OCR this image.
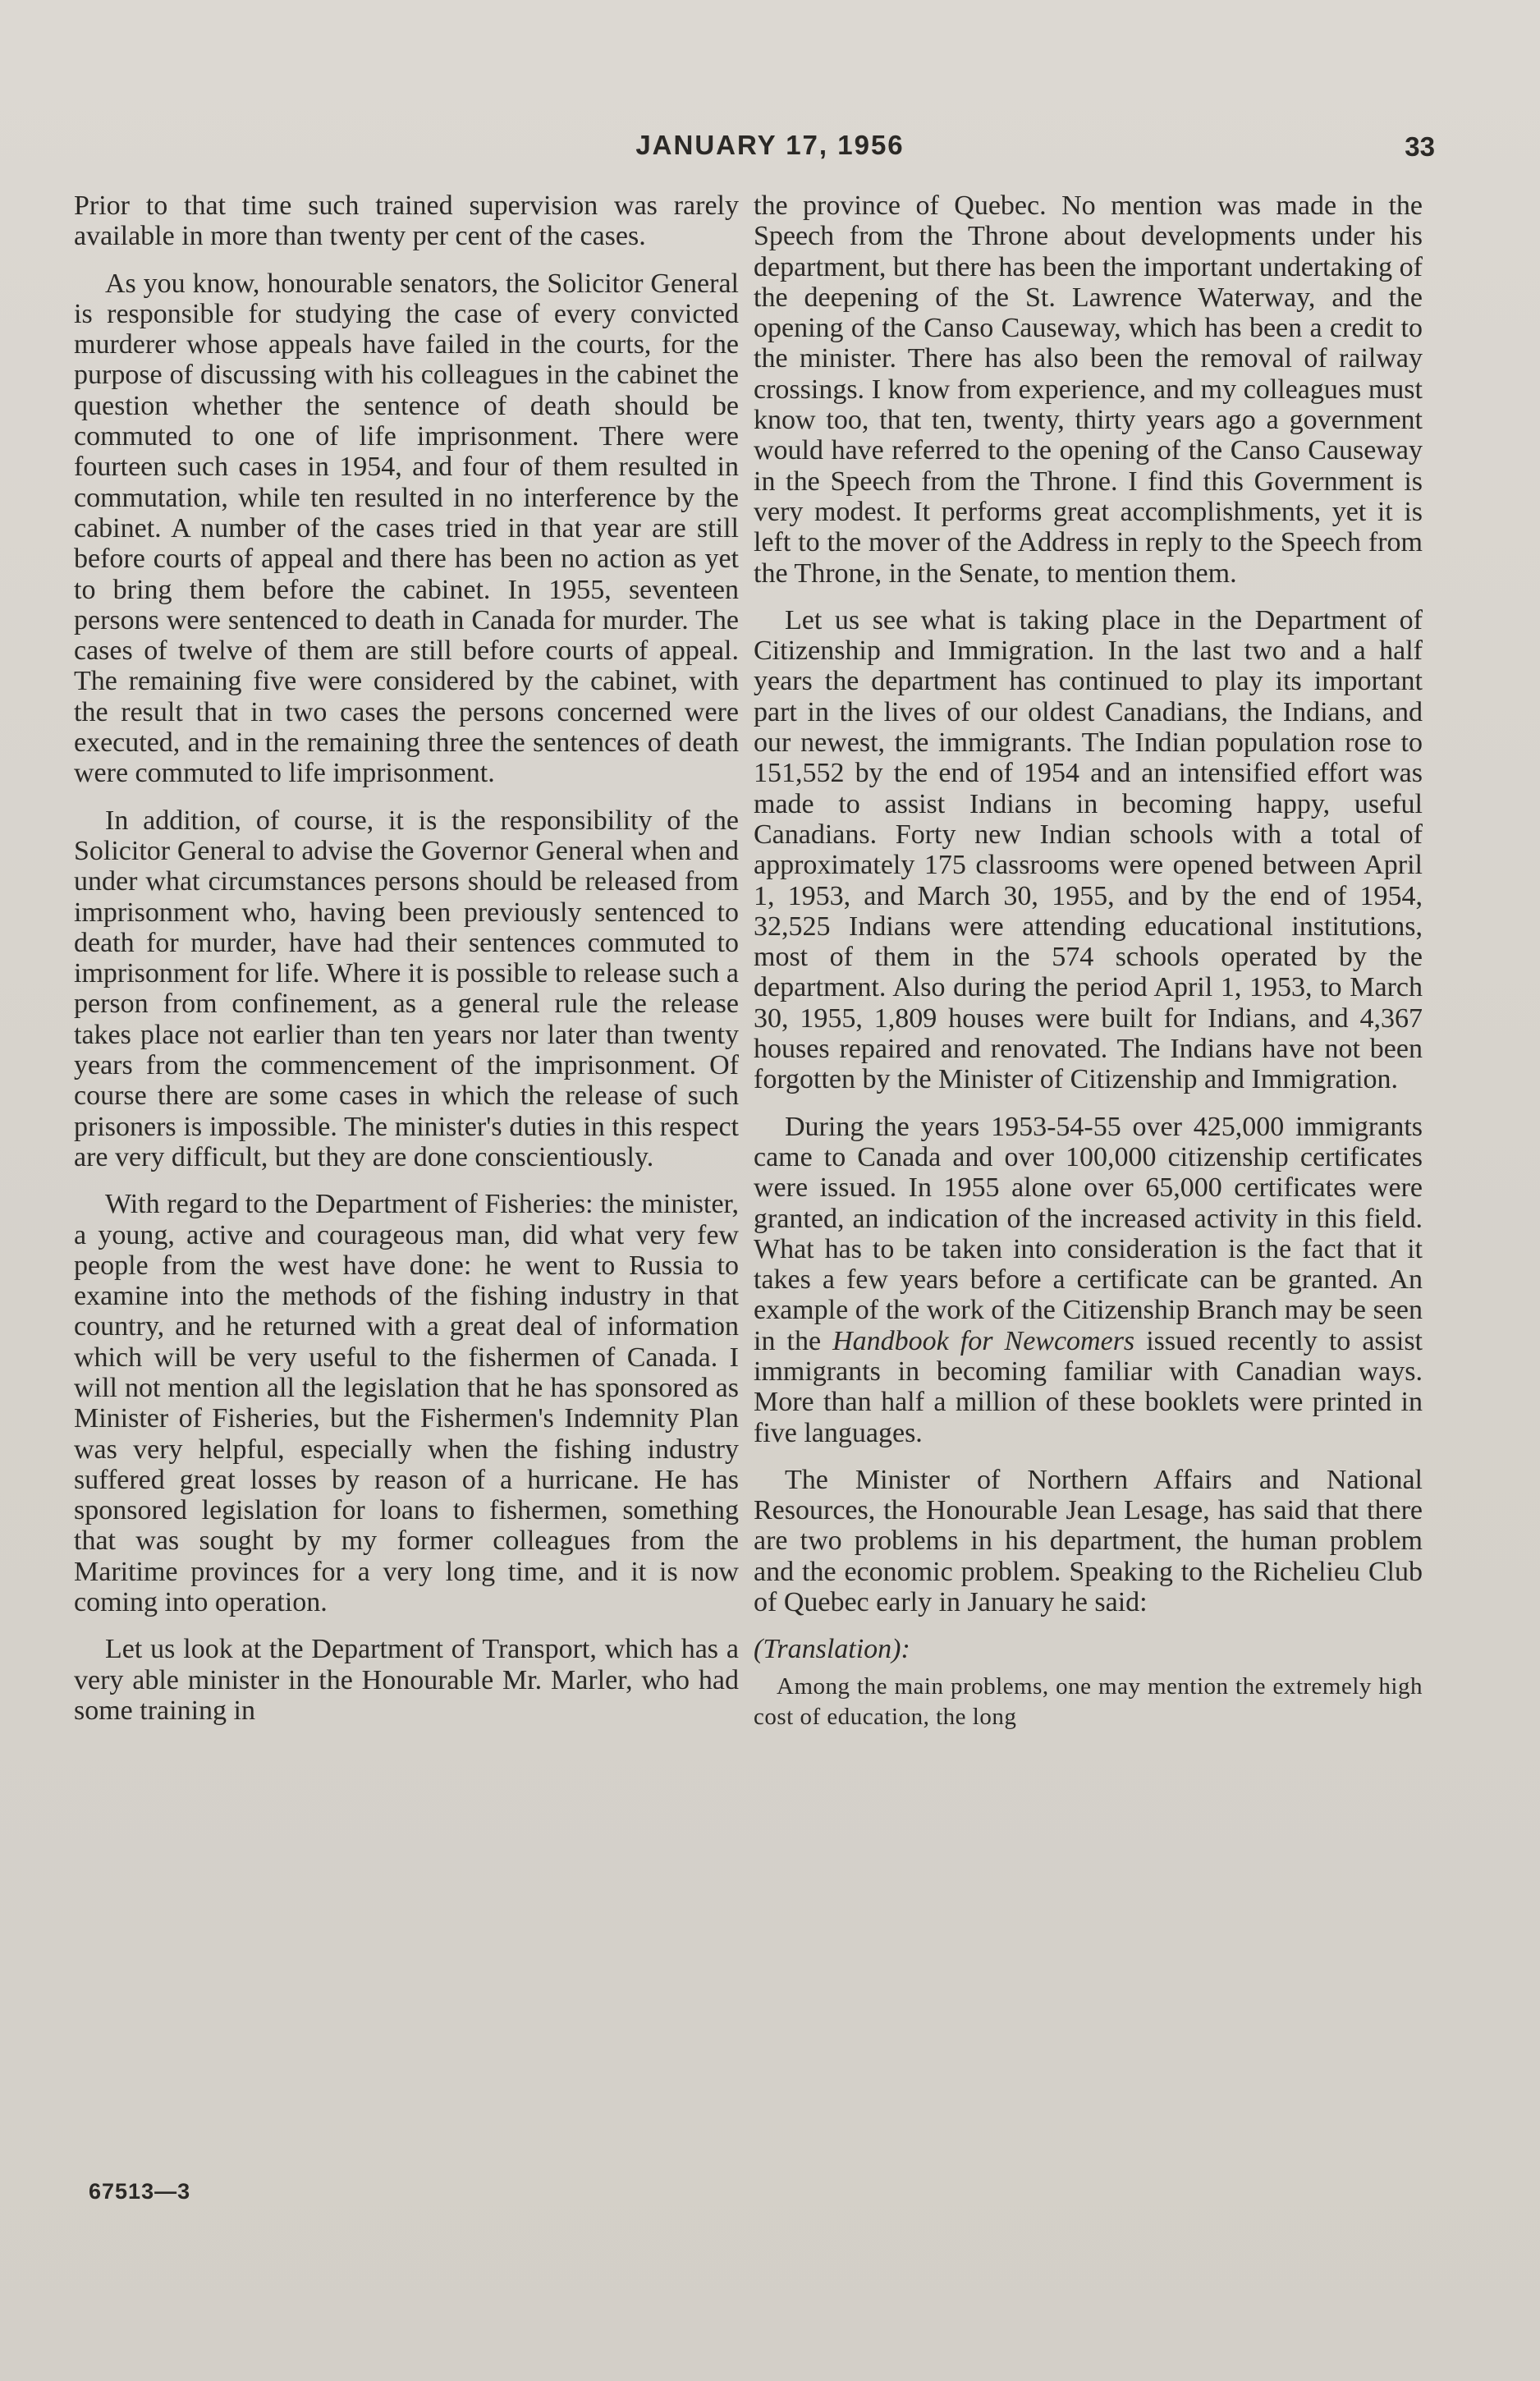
JANUARY 17, 1956	33

Prior to that time such trained supervision was rarely available in more than twenty per cent of the cases.

As you know, honourable senators, the Solicitor General is responsible for studying the case of every convicted murderer whose appeals have failed in the courts, for the purpose of discussing with his colleagues in the cabinet the question whether the sentence of death should be commuted to one of life imprisonment. There were fourteen such cases in 1954, and four of them resulted in commutation, while ten resulted in no interference by the cabinet. A number of the cases tried in that year are still before courts of appeal and there has been no action as yet to bring them before the cabinet. In 1955, seventeen persons were sentenced to death in Canada for murder. The cases of twelve of them are still before courts of appeal. The remaining five were considered by the cabinet, with the result that in two cases the persons concerned were executed, and in the remaining three the sentences of death were commuted to life imprisonment.

In addition, of course, it is the responsibility of the Solicitor General to advise the Governor General when and under what circumstances persons should be released from imprisonment who, having been previously sentenced to death for murder, have had their sentences commuted to imprisonment for life. Where it is possible to release such a person from confinement, as a general rule the release takes place not earlier than ten years nor later than twenty years from the commencement of the imprisonment. Of course there are some cases in which the release of such prisoners is impossible. The minister's duties in this respect are very difficult, but they are done conscientiously.

With regard to the Department of Fisheries: the minister, a young, active and courageous man, did what very few people from the west have done: he went to Russia to examine into the methods of the fishing industry in that country, and he returned with a great deal of information which will be very useful to the fishermen of Canada. I will not mention all the legislation that he has sponsored as Minister of Fisheries, but the Fishermen's Indemnity Plan was very helpful, especially when the fishing industry suffered great losses by reason of a hurricane. He has sponsored legislation for loans to fishermen, something that was sought by my former colleagues from the Maritime provinces for a very long time, and it is now coming into operation.

Let us look at the Department of Transport, which has a very able minister in the Honourable Mr. Marler, who had some training in

the province of Quebec. No mention was made in the Speech from the Throne about developments under his department, but there has been the important undertaking of the deepening of the St. Lawrence Waterway, and the opening of the Canso Causeway, which has been a credit to the minister. There has also been the removal of railway crossings. I know from experience, and my colleagues must know too, that ten, twenty, thirty years ago a government would have referred to the opening of the Canso Causeway in the Speech from the Throne. I find this Government is very modest. It performs great accomplishments, yet it is left to the mover of the Address in reply to the Speech from the Throne, in the Senate, to mention them.

Let us see what is taking place in the Department of Citizenship and Immigration. In the last two and a half years the department has continued to play its important part in the lives of our oldest Canadians, the Indians, and our newest, the immigrants. The Indian population rose to 151,552 by the end of 1954 and an intensified effort was made to assist Indians in becoming happy, useful Canadians. Forty new Indian schools with a total of approximately 175 classrooms were opened between April 1, 1953, and March 30, 1955, and by the end of 1954, 32,525 Indians were attending educational institutions, most of them in the 574 schools operated by the department. Also during the period April 1, 1953, to March 30, 1955, 1,809 houses were built for Indians, and 4,367 houses repaired and renovated. The Indians have not been forgotten by the Minister of Citizenship and Immigration.

During the years 1953-54-55 over 425,000 immigrants came to Canada and over 100,000 citizenship certificates were issued. In 1955 alone over 65,000 certificates were granted, an indication of the increased activity in this field. What has to be taken into consideration is the fact that it takes a few years before a certificate can be granted. An example of the work of the Citizenship Branch may be seen in the Handbook for Newcomers issued recently to assist immigrants in becoming familiar with Canadian ways. More than half a million of these booklets were printed in five languages.

The Minister of Northern Affairs and National Resources, the Honourable Jean Lesage, has said that there are two problems in his department, the human problem and the economic problem. Speaking to the Richelieu Club of Quebec early in January he said:

(Translation):

Among the main problems, one may mention the extremely high cost of education, the long

67513—3
